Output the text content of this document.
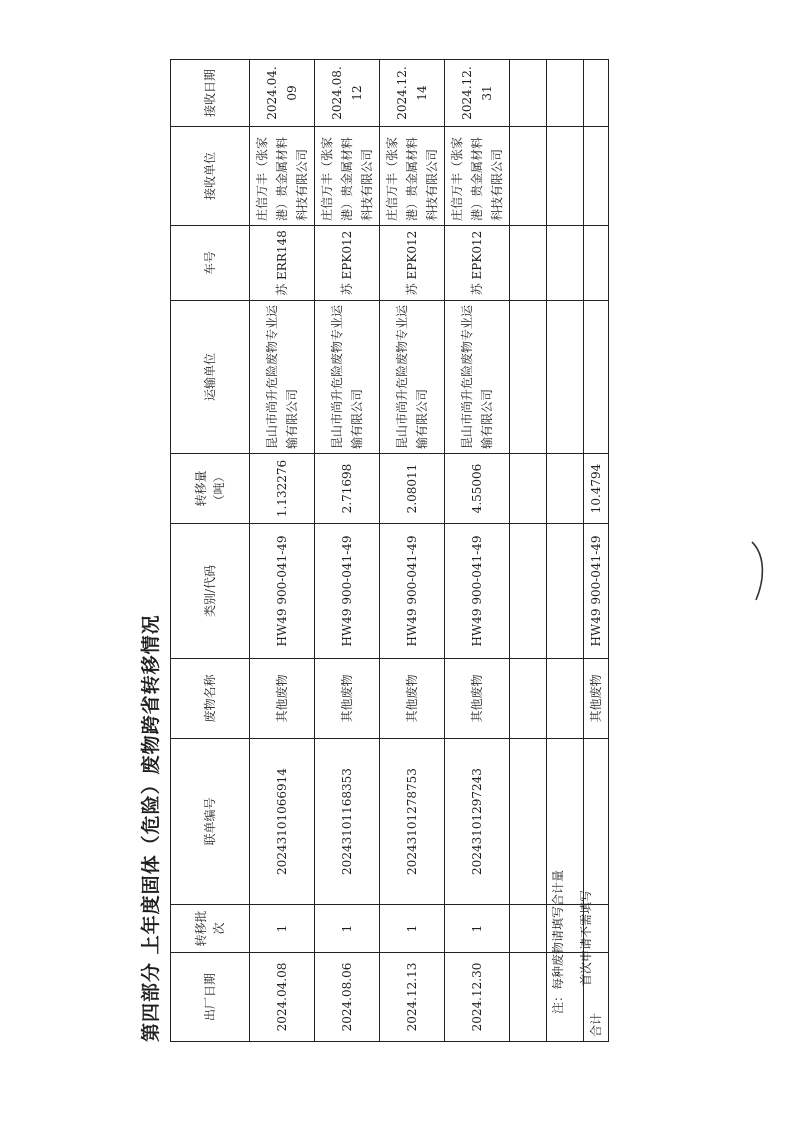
第四部分 上年度固体（危险）废物跨省转移情况	出厂日期	转移批次	联单编号	废物名称	类别/代码	转移量（吨）	运输单位	车号	接收单位	接收日期
2024.04.08	1	20243101066914	其他废物	HW49 900-041-49	1.132276	昆山市尚升危险废物专业运输有限公司	苏 ERR148	庄信万丰（张家港）贵金属材料科技有限公司	2024.04.09
2024.08.06	1	20243101168353	其他废物	HW49 900-041-49	2.71698	昆山市尚升危险废物专业运输有限公司	苏 EPK012	庄信万丰（张家港）贵金属材料科技有限公司	2024.08.12
2024.12.13	1	20243101278753	其他废物	HW49 900-041-49	2.08011	昆山市尚升危险废物专业运输有限公司	苏 EPK012	庄信万丰（张家港）贵金属材料科技有限公司	2024.12.14
2024.12.30	1	20243101297243	其他废物	HW49 900-041-49	4.55006	昆山市尚升危险废物专业运输有限公司	苏 EPK012	庄信万丰（张家港）贵金属材料科技有限公司	2024.12.31

合计			其他废物	HW49 900-041-49	10.4794				
注：每种废物请填写合计量	首次申请不需填写
